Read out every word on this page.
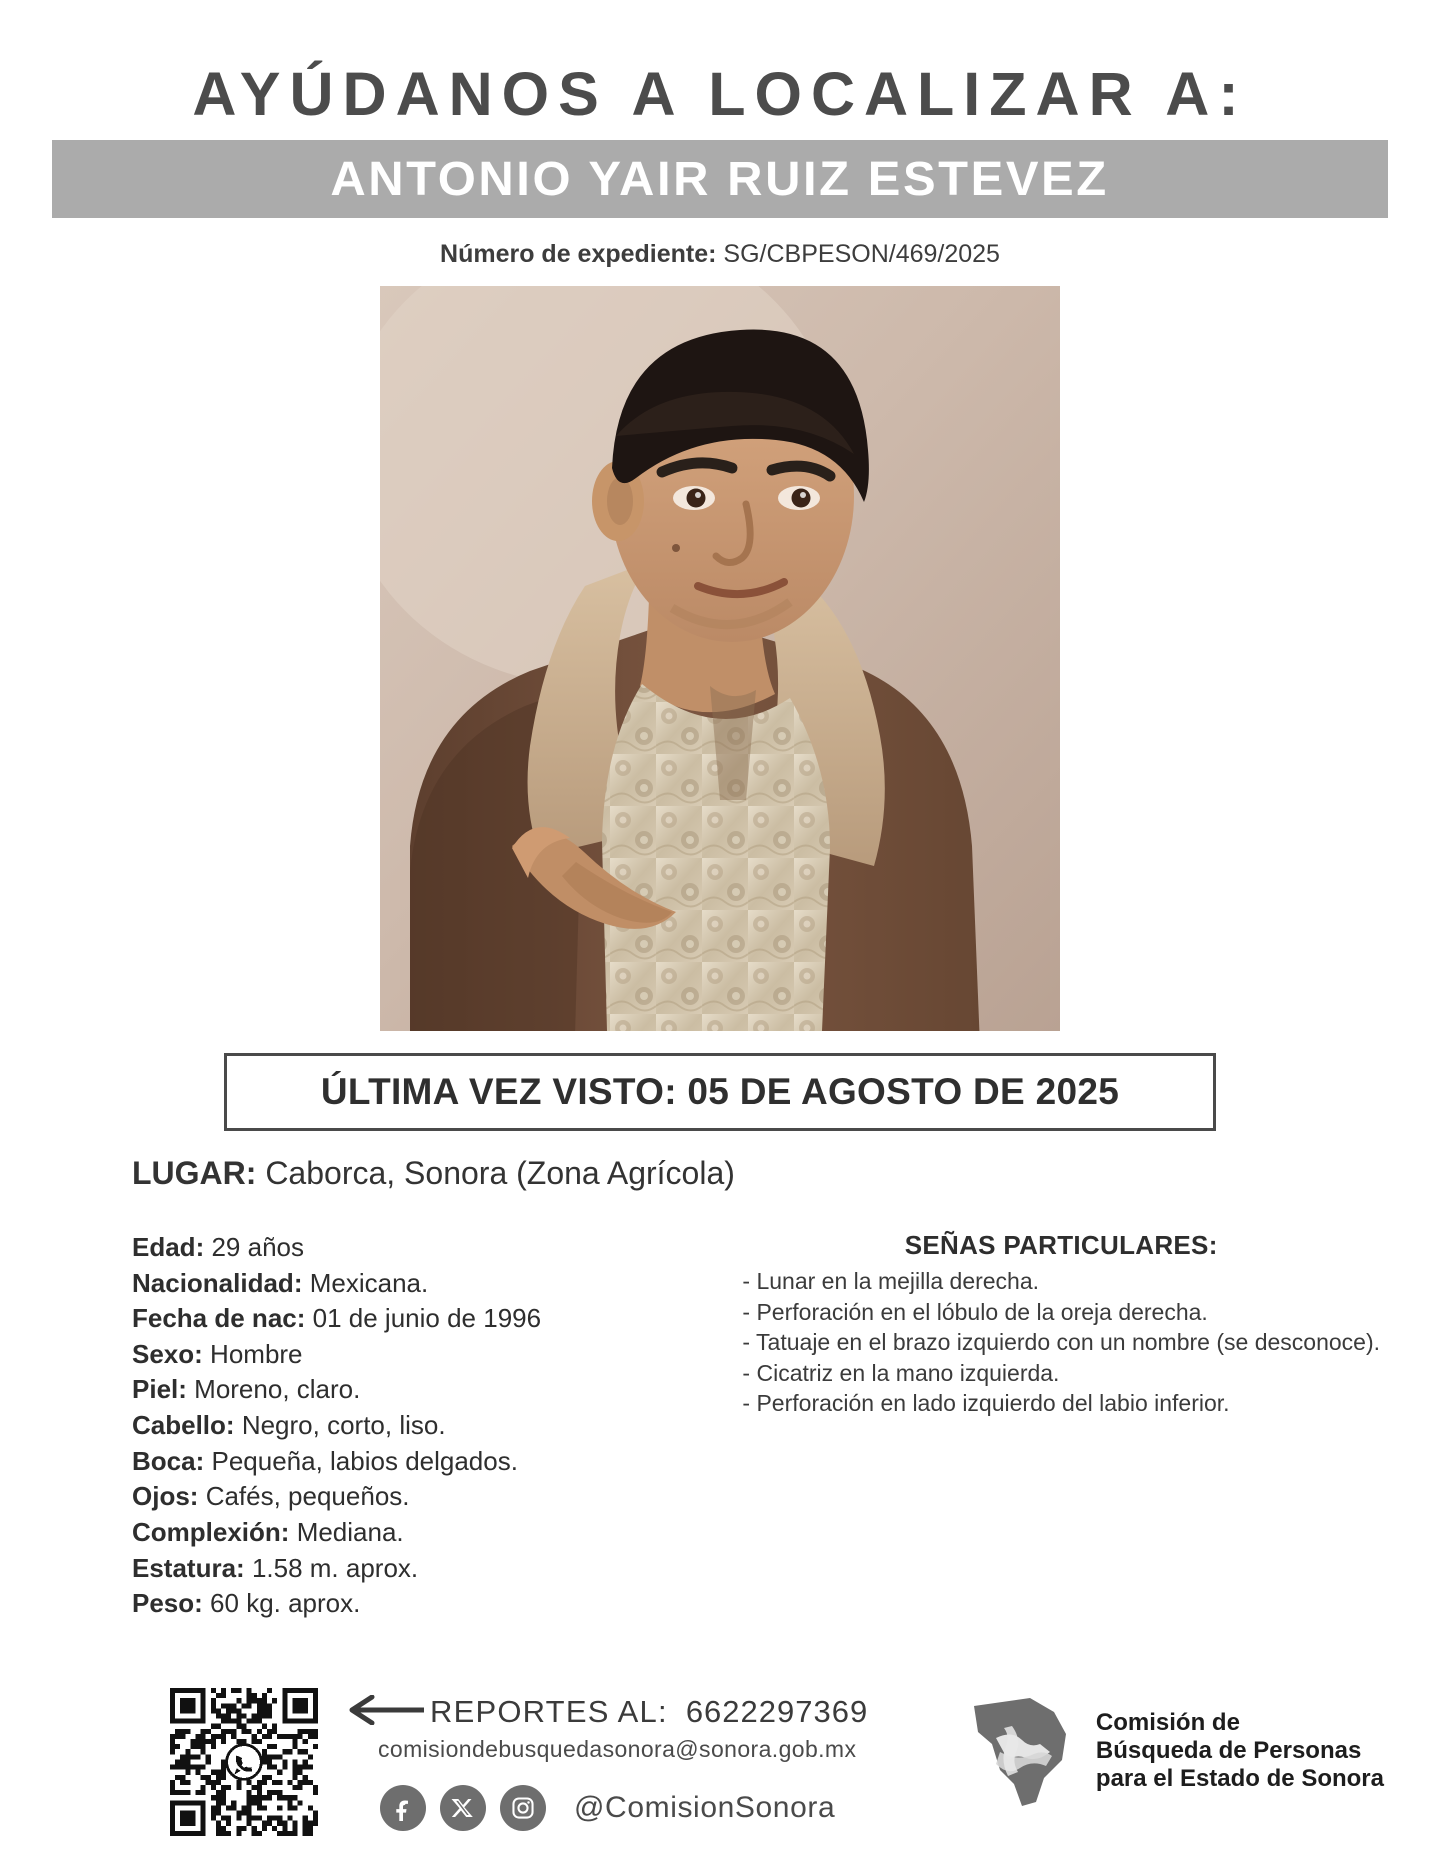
AYÚDANOS A LOCALIZAR A:
ANTONIO YAIR RUIZ ESTEVEZ
Número de expediente: SG/CBPESON/469/2025
ÚLTIMA VEZ VISTO: 05 DE AGOSTO DE 2025
LUGAR: Caborca, Sonora (Zona Agrícola)
Edad: 29 años
Nacionalidad: Mexicana.
Fecha de nac: 01 de junio de 1996
Sexo: Hombre
Piel: Moreno, claro.
Cabello: Negro, corto, liso.
Boca: Pequeña, labios delgados.
Ojos: Cafés, pequeños.
Complexión: Mediana.
Estatura: 1.58 m. aprox.
Peso: 60 kg. aprox.
SEÑAS PARTICULARES:
- Lunar en la mejilla derecha.
- Perforación en el lóbulo de la oreja derecha.
- Tatuaje en el brazo izquierdo con un nombre (se desconoce).
- Cicatriz en la mano izquierda.
- Perforación en lado izquierdo del labio inferior.
REPORTES AL: 6622297369
comisiondebusquedasonora@sonora.gob.mx
@ComisionSonora
Comisión de
Búsqueda de Personas
para el Estado de Sonora
